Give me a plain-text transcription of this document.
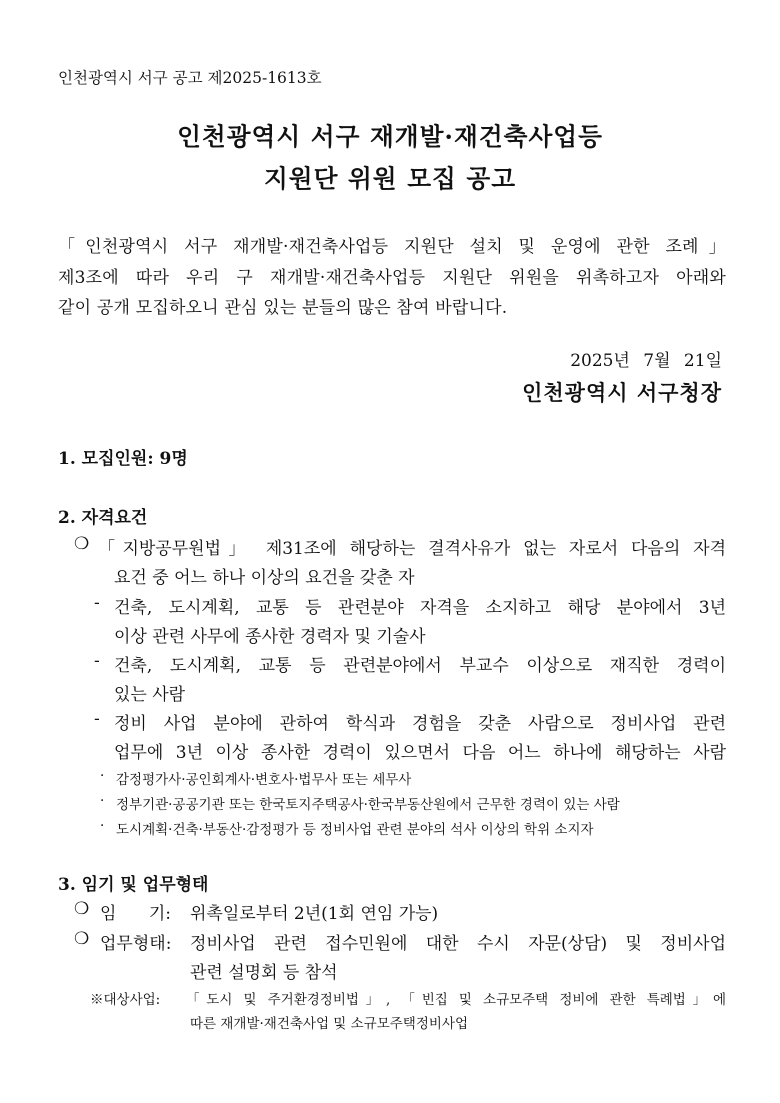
인천광역시 서구 공고 제2025-1613호
인천광역시 서구 재개발·재건축사업등
지원단 위원 모집 공고
「인천광역시 서구 재개발·재건축사업등 지원단 설치 및 운영에 관한 조례」
제3조에 따라 우리 구 재개발·재건축사업등 지원단 위원을 위촉하고자 아래와
같이 공개 모집하오니 관심 있는 분들의 많은 참여 바랍니다.
2025년 7월 21일
인천광역시 서구청장
1. 모집인원: 9명
2. 자격요건
❍ 「지방공무원법」 제31조에 해당하는 결격사유가 없는 자로서 다음의 자격
요건 중 어느 하나 이상의 요건을 갖춘 자
- 건축, 도시계획, 교통 등 관련분야 자격을 소지하고 해당 분야에서 3년
이상 관련 사무에 종사한 경력자 및 기술사
- 건축, 도시계획, 교통 등 관련분야에서 부교수 이상으로 재직한 경력이
있는 사람
- 정비 사업 분야에 관하여 학식과 경험을 갖춘 사람으로 정비사업 관련
업무에 3년 이상 종사한 경력이 있으면서 다음 어느 하나에 해당하는 사람
· 감정평가사·공인회계사·변호사·법무사 또는 세무사
· 정부기관·공공기관 또는 한국토지주택공사·한국부동산원에서 근무한 경력이 있는 사람
· 도시계획·건축·부동산·감정평가 등 정비사업 관련 분야의 석사 이상의 학위 소지자
3. 임기 및 업무형태
❍ 임      기: 위촉일로부터 2년(1회 연임 가능)
❍ 업무형태: 정비사업 관련 접수민원에 대한 수시 자문(상담) 및 정비사업
관련 설명회 등 참석
※대상사업: 「도시 및 주거환경정비법」, 「빈집 및 소규모주택 정비에 관한 특례법」에
따른 재개발·재건축사업 및 소규모주택정비사업
